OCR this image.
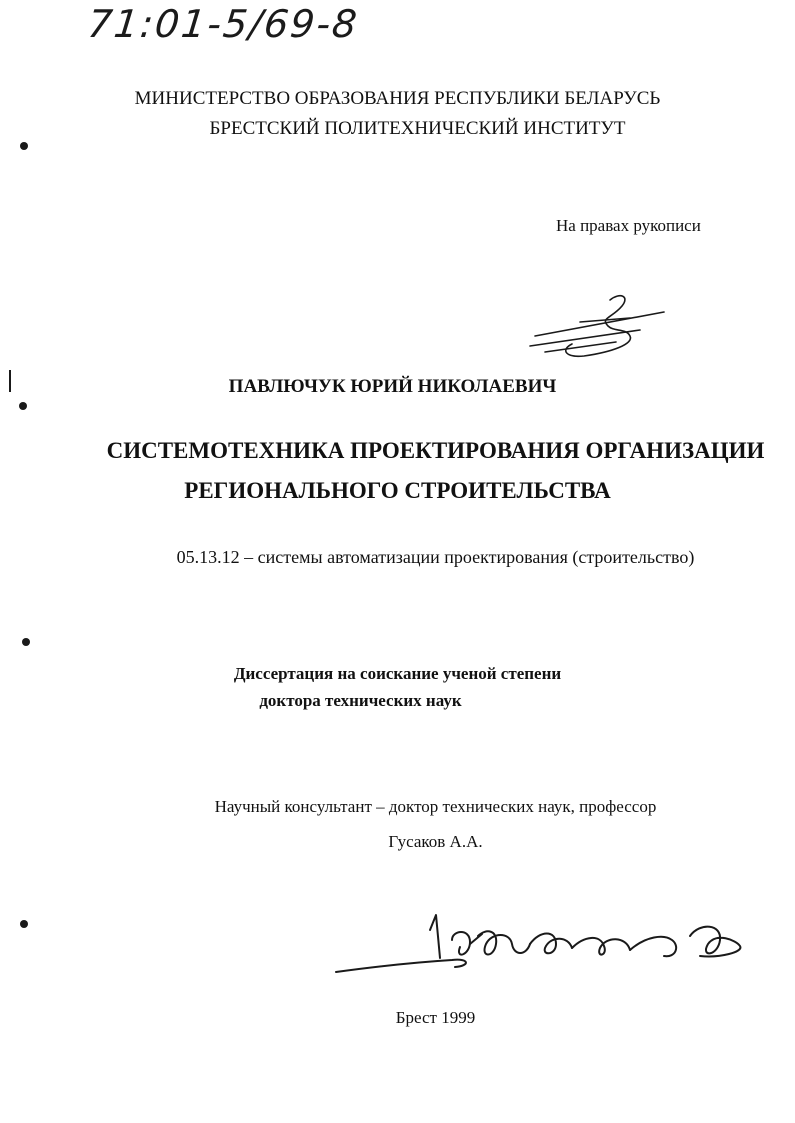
71:01-5/69-8
МИНИСТЕРСТВО ОБРАЗОВАНИЯ РЕСПУБЛИКИ БЕЛАРУСЬ
БРЕСТСКИЙ ПОЛИТЕХНИЧЕСКИЙ ИНСТИТУТ
На правах рукописи
ПАВЛЮЧУК ЮРИЙ НИКОЛАЕВИЧ
СИСТЕМОТЕХНИКА ПРОЕКТИРОВАНИЯ ОРГАНИЗАЦИИ
РЕГИОНАЛЬНОГО СТРОИТЕЛЬСТВА
05.13.12 – системы автоматизации проектирования (строительство)
Диссертация на соискание ученой степени
доктора технических наук
Научный консультант – доктор технических наук, профессор
Гусаков А.А.
Брест 1999
